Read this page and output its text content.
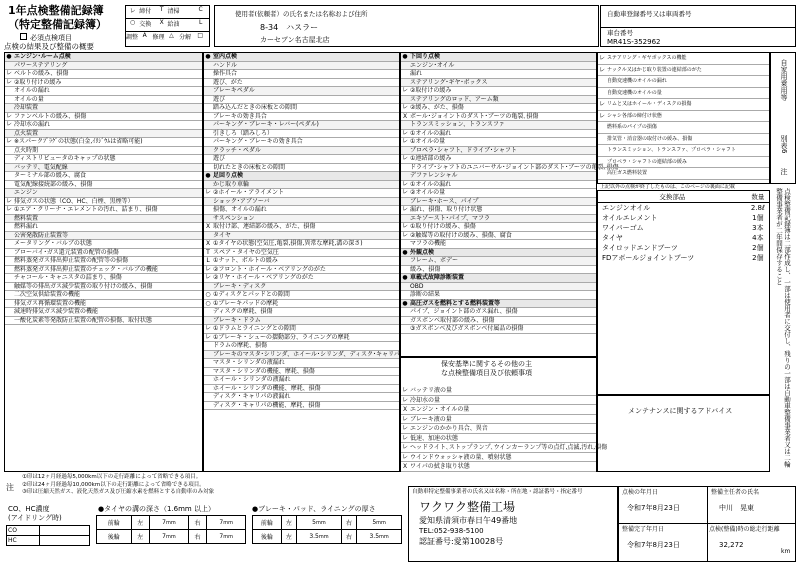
1年点検整備記録簿
（特定整備記録簿）
必須点検項目
点検の結果及び整備の概要
レ 締付	T 清掃	C
○ 交換	X 給油	L
調整 A 修理 △ 分解	□
使用者(依頼者）の氏名または名称および住所
8-34　ハスラー
カーセブン名古屋北店
自動車登録番号又は車両番号
車台番号
MR41S-352962
● エンジン･ルーム点検
パワーステアリング
レ ベルトの緩み、損傷
レ ②取り付けの緩み
オイルの漏れ
オイルの量
冷却装置
レ ファンベルトの緩み、損傷
レ 冷却水の漏れ
点火装置
レ ※スパークﾌﾟﾗｸﾞの状態(白金,ｲﾘｼﾞｳﾑは省略可能)
点火時期
ディストリビュータのキャップの状態
バッテリ、電気配線
ターミナル部の緩み、腐食
電気配線接続部の緩み、損傷
エンジン
レ 排気ガスの状態（CO、HC、白煙、黒煙等）
レ ①エア・クリーナ・エレメントの汚れ、詰まり、損傷
燃料装置
燃料漏れ
公害発散防止装置等
メータリング・バルブの状態
ブローバイ･ガス還元装置の配管の損傷
燃料蒸発ガス排出抑止装置の配管等の損傷
燃料蒸発ガス排出抑止装置のチェック・バルブの機能
チャコール・キャニスタの詰まり、損傷
触媒等の排出ガス減少装置の取り付けの緩み、損傷
二次空気供給装置の機能
排気ガス再循環装置の機能
減速時排気ガス減少装置の機能
一酸化炭素等発散防止装置の配管の損傷、取付状態
● 室内点検
ハンドル
操作具合
遊び、がた
ブレーキペダル
遊び
踏み込んだときの床板との隙間
ブレーキの効き具合
パーキング・ブレーキ・レバー(ペダル)
引きしろ（踏みしろ）
パーキング・ブレーキの効き具合
クラッチ・ペダル
遊び
切れたときの床板との隙間
● 足回り点検
かじ取り車輪
レ ②ホイール・アライメント
ショック･アブソーバ
損傷、オイルの漏れ
サスペンション
X 取付け部、連結部の緩み、がた、損傷
タイヤ
X ①タイヤの状態(空気圧,亀裂,損傷,異常な摩耗,溝の深さ)
T スペア・タイヤの空気圧
L ①ナット、ボルトの緩み
レ ②フロント・ホイール・ベアリングのがた
レ ②リヤ・ホイール・ベアリングのがた
ブレーキ・ディスク
○ ①ディスクとパッドとの隙間
○ ①ブレーキパッドの摩耗
ディスクの摩耗、損傷
ブレーキ・ドラム
レ ①ドラムとライニングとの隙間
レ ①ブレーキ・シューの摺動部分、ライニングの摩耗
ドラムの摩耗、損傷
ブレーキのマスタ･シリンダ、ホイール･シリンダ、ディスク･キャリパ
マスタ・シリンダの液漏れ
マスタ・シリンダの機能、摩耗、損傷
ホイール・シリンダの液漏れ
ホイール・シリンダの機能、摩耗、損傷
ディスク・キャリパの液漏れ
ディスク・キャリパの機能、摩耗、損傷
● 下回り点検
エンジン･オイル
漏れ
ステアリング･ギヤ･ボックス
レ ②取付けの緩み
ステアリングのロッド、アーム類
レ ②緩み、がた、損傷
X ボール･ジョイントのダスト･ブーツの亀裂､損傷
トランスミッション、トランスファ
レ ①オイルの漏れ
レ ①オイルの量
プロペラ･シャフト、ドライブ･シャフト
レ ①連結部の緩み
ドライブ･シャフトのユニバーサル･ジョイント部のダスト･ブーツの亀裂､損傷
デファレンシャル
レ ①オイルの漏れ
レ ②オイルの量
ブレーキ･ホース、パイプ
レ 漏れ、損傷、取り付け状態
エキゾースト･パイプ、マフラ
レ ①取り付けの緩み、損傷
レ ②触媒等の取付けの緩み、損傷、腐食
マフラの機能
● 外観点検
フレーム、ボデー
緩み、損傷
● 車載式故障診断装置
OBD
診断の結果
● 高圧ガスを燃料とする燃料装置等
パイプ、ジョイント部のガス漏れ、損傷
ガスボンベ取付部の緩み、損傷
③ガスボンベ及びガスボンベ付属品の損傷
保安基準に関するその他の主
な点検整備項目及び依頼事項
レ バッテリ液の量
レ 冷却水の量
X エンジン・オイルの量
レ ブレーキ液の量
レ エンジンのかかり具合、異音
レ 低速、加速の状態
レ ヘッドライト､ストップランプ､ウインカーランプ等の点灯,点滅,汚れ,損傷
レ ウインドウォッシャ液の量、噴射状態
X ワイパの拭き取り状態
レ ステアリング・ギヤボックスの機能
レ ナックル又はかじ取り装置の連結部のがた
自動変速機のオイルの漏れ
自動変速機のオイルの量
レ リムと又はホイール・ディスクの損傷
レ シャシ各部の締付け状態
燃料系のパイプの損傷
排気管・消音器の取付けの緩み、損傷
トランスミッション、トランスファ、プロペラ・シャフト
プロペラ・シャフトの連結部の緩み
高圧ガス燃料装置
上記以外の点検が終了したものは、このページの裏面に記載
交換部品	数量
エンジンオイル	2.8ℓ
オイルエレメント	1個
ワイパーゴム	3本
タイヤ	4本
タイロッドエンドブーツ	2個
FDアボールジョイントブーツ	2個
メンテナンスに関するアドバイス
自家用乗用等
別表6
注
点検整備記録簿は二部作成し、一部は使用者に交付し、残りの一部は自動車整備事業者又は二輪整備事業者が二年間保存すること
①印は12ヶ月経過毎5,000km以下の走行距離によって省略できる項目。
②印は24ヶ月経過毎10,000km以下の走行距離によって省略できる項目。
③印は圧縮天然ガス、液化天然ガス及び圧縮水素を燃料とする自動車のみ対象
注
CO、HC濃度
(アイドリング時)
CO	
HC	
●タイヤの溝の深さ（1.6mm 以上）
前輪	左	7mm	右	7mm
後輪	左	7mm	右	7mm
●ブレーキ・パッド、ライニングの厚さ
前輪	左	5mm	右	5mm
後輪	左	3.5mm	右	3.5mm
自動車特定整備事業者の氏名又は名称・所在地・認証番号・指定番号
ワクワク整備工場
愛知県清須市春日午49番地
TEL:052-938-5100
認証番号:愛第10028号
点検の年月日
令和7年8月23日
整備主任者の氏名
中川　晃東
整備完了年月日
令和7年8月23日
点検(整備)時の総走行距離
32,272
km
